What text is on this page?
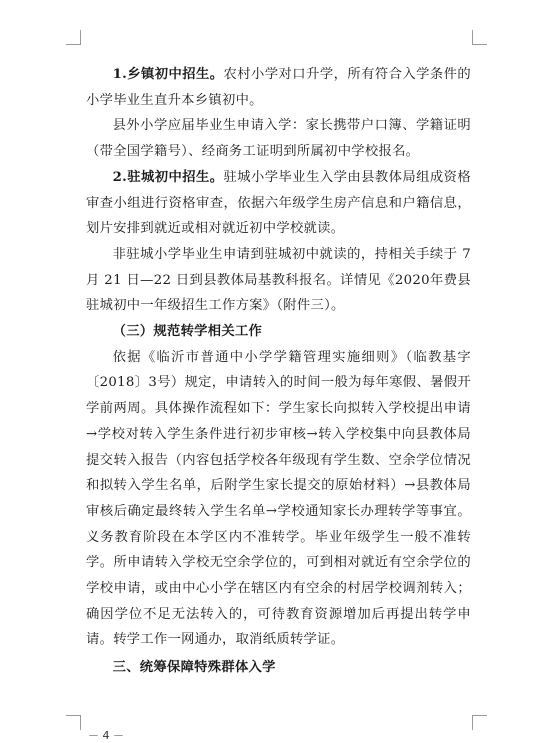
1.乡镇初中招生。农村小学对口升学，所有符合入学条件的小学毕业生直升本乡镇初中。

县外小学应届毕业生申请入学：家长携带户口簿、学籍证明（带全国学籍号）、经商务工证明到所属初中学校报名。

2.驻城初中招生。驻城小学毕业生入学由县教体局组成资格审查小组进行资格审查，依据六年级学生房产信息和户籍信息，划片安排到就近或相对就近初中学校就读。

非驻城小学毕业生申请到驻城初中就读的，持相关手续于 7 月 21 日—22 日到县教体局基教科报名。详情见《2020年费县驻城初中一年级招生工作方案》（附件三）。

（三）规范转学相关工作

依据《临沂市普通中小学学籍管理实施细则》（临教基字〔2018〕3号）规定，申请转入的时间一般为每年寒假、暑假开学前两周。具体操作流程如下：学生家长向拟转入学校提出申请→学校对转入学生条件进行初步审核→转入学校集中向县教体局提交转入报告（内容包括学校各年级现有学生数、空余学位情况和拟转入学生名单，后附学生家长提交的原始材料）→县教体局审核后确定最终转入学生名单→学校通知家长办理转学等事宜。义务教育阶段在本学区内不准转学。毕业年级学生一般不准转学。所申请转入学校无空余学位的，可到相对就近有空余学位的学校申请，或由中心小学在辖区内有空余的村居学校调剂转入；确因学位不足无法转入的，可待教育资源增加后再提出转学申请。转学工作一网通办，取消纸质转学证。

三、统筹保障特殊群体入学

－ 4 －
